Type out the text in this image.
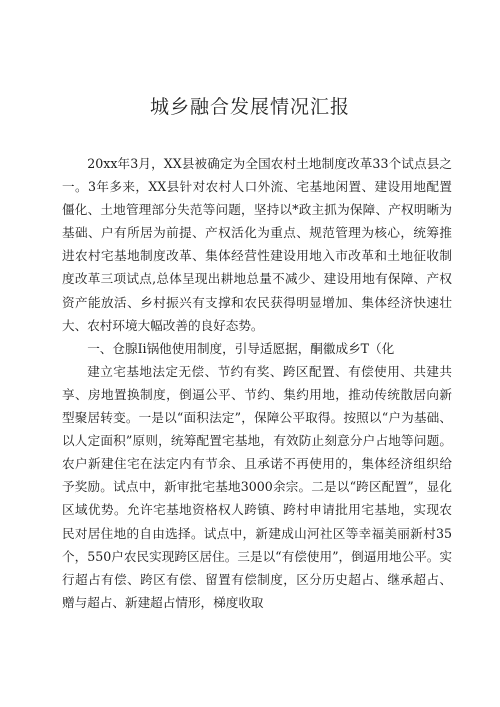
城乡融合发展情况汇报

20xx年3月，XX县被确定为全国农村土地制度改革33个试点县之一。3年多来，XX县针对农村人口外流、宅基地闲置、建设用地配置僵化、土地管理部分失范等问题，坚持以*政主抓为保障、产权明晰为基础、户有所居为前提、产权活化为重点、规范管理为核心，统筹推进农村宅基地制度改革、集体经营性建设用地入市改革和土地征收制度改革三项试点,总体呈现出耕地总量不减少、建设用地有保障、产权资产能放活、乡村振兴有支撑和农民获得明显增加、集体经济快速壮大、农村环境大幅改善的良好态势。

一、仓腺Ii锅他使用制度，引导适愿据，酮徽成乡T（化

建立宅基地法定无偿、节约有奖、跨区配置、有偿使用、共建共享、房地置换制度，倒逼公平、节约、集约用地，推动传统散居向新型聚居转变。一是以“面积法定”，保障公平取得。按照以“户为基础、以人定面积”原则，统筹配置宅基地，有效防止刻意分户占地等问题。农户新建住宅在法定内有节余、且承诺不再使用的，集体经济组织给予奖励。试点中，新审批宅基地3000余宗。二是以“跨区配置”，显化区域优势。允许宅基地资格权人跨镇、跨村申请批用宅基地，实现农民对居住地的自由选择。试点中，新建成山河社区等幸福美丽新村35个，550户农民实现跨区居住。三是以“有偿使用”，倒逼用地公平。实行超占有偿、跨区有偿、留置有偿制度，区分历史超占、继承超占、赠与超占、新建超占情形，梯度收取
